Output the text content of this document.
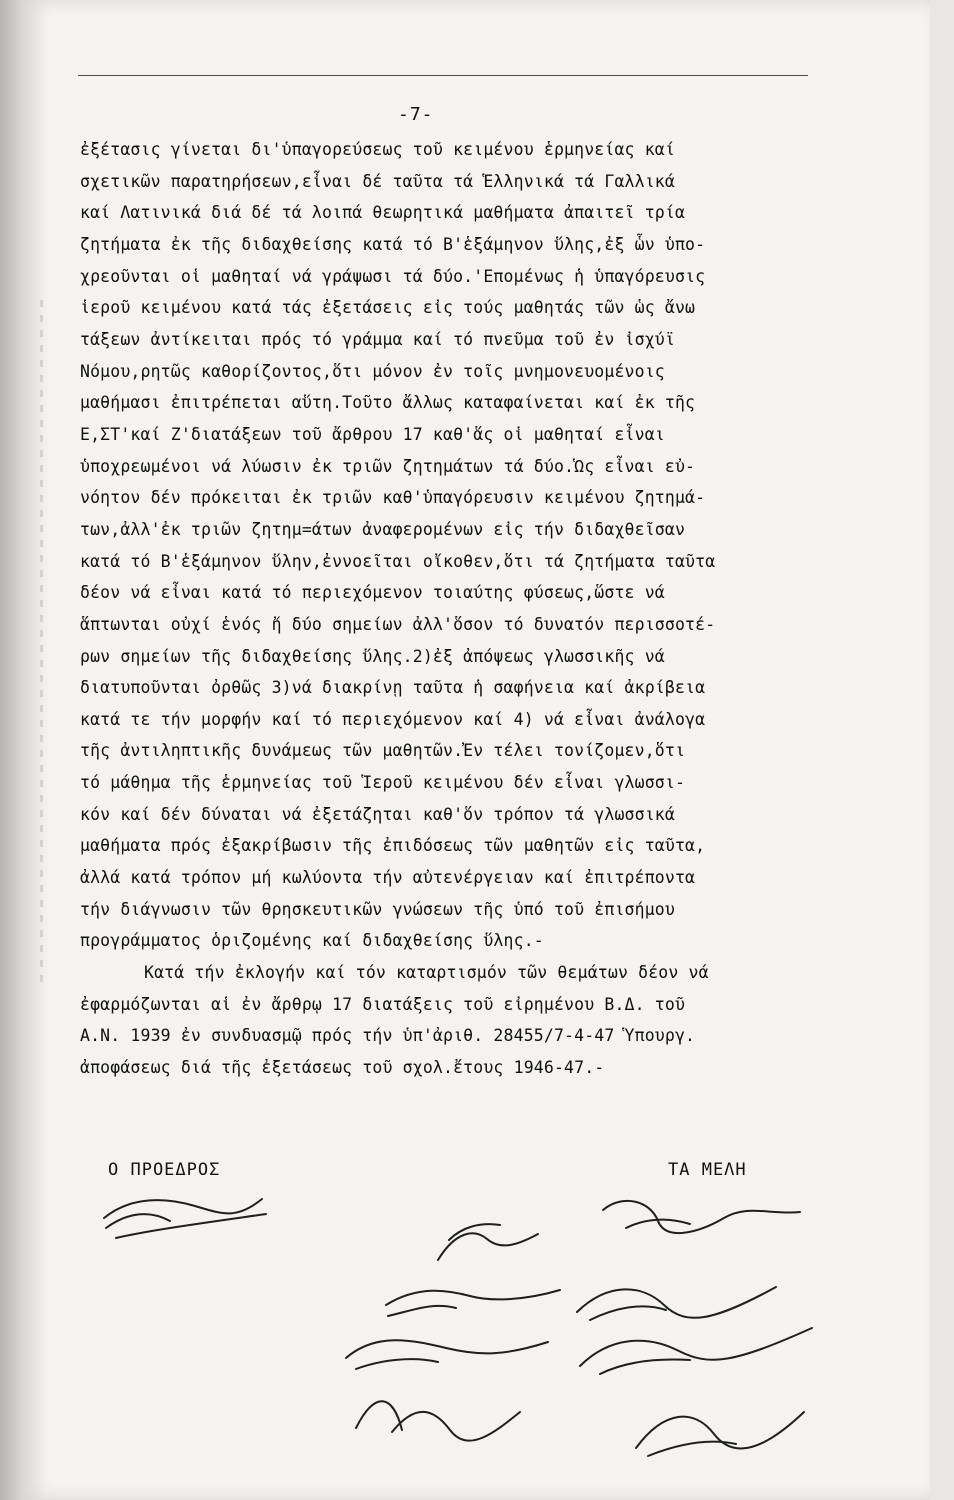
-7-
ἐξέτασις γίνεται δι'ὑπαγορεύσεως τοῦ κειμένου ἑρμηνείας καί
σχετικῶν παρατηρήσεων,εἶναι δέ ταῦτα τά Ἑλληνικά τά Γαλλικά
καί Λατινικά διά δέ τά λοιπά θεωρητικά μαθήματα ἀπαιτεῖ τρία
ζητήματα ἐκ τῆς διδαχθείσης κατά τό Β'ἑξάμηνον ὕλης,ἐξ ὧν ὑπο-
χρεοῦνται οἱ μαθηταί νά γράψωσι τά δύο.'Επομένως ἡ ὑπαγόρευσις
ἱεροῦ κειμένου κατά τάς ἐξετάσεις εἰς τούς μαθητάς τῶν ὡς ἄνω
τάξεων ἀντίκειται πρός τό γράμμα καί τό πνεῦμα τοῦ ἐν ἰσχύϊ
Νόμου,ρητῶς καθορίζοντος,ὅτι μόνον ἐν τοῖς μνημονευομένοις
μαθήμασι ἐπιτρέπεται αὕτη.Τοῦτο ἄλλως καταφαίνεται καί ἐκ τῆς
Ε,ΣΤ'καί Ζ'διατάξεων τοῦ ἄρθρου 17 καθ'ἅς οἱ μαθηταί εἶναι
ὑποχρεωμένοι νά λύωσιν ἐκ τριῶν ζητημάτων τά δύο.Ὡς εἶναι εὐ-
νόητον δέν πρόκειται ἐκ τριῶν καθ'ὑπαγόρευσιν κειμένου ζητημά-
των,ἀλλ'ἐκ τριῶν ζητημ=άτων ἀναφερομένων εἰς τήν διδαχθεῖσαν
κατά τό Β'ἑξάμηνον ὕλην,ἐννοεῖται οἴκοθεν,ὅτι τά ζητήματα ταῦτα
δέον νά εἶναι κατά τό περιεχόμενον τοιαύτης φύσεως,ὥστε νά
ἅπτωνται οὐχί ἑνός ἤ δύο σημείων ἀλλ'ὅσον τό δυνατόν περισσοτέ-
ρων σημείων τῆς διδαχθείσης ὕλης.2)ἐξ ἀπόψεως γλωσσικῆς νά
διατυποῦνται ὀρθῶς 3)νά διακρίνῃ ταῦτα ἡ σαφήνεια καί ἀκρίβεια
κατά τε τήν μορφήν καί τό περιεχόμενον καί 4) νά εἶναι ἀνάλογα
τῆς ἀντιληπτικῆς δυνάμεως τῶν μαθητῶν.Ἐν τέλει τονίζομεν,ὅτι
τό μάθημα τῆς ἑρμηνείας τοῦ Ἱεροῦ κειμένου δέν εἶναι γλωσσι-
κόν καί δέν δύναται νά ἐξετάζηται καθ'ὅν τρόπον τά γλωσσικά
μαθήματα πρός ἐξακρίβωσιν τῆς ἐπιδόσεως τῶν μαθητῶν εἰς ταῦτα,
ἀλλά κατά τρόπον μή κωλύοντα τήν αὐτενέργειαν καί ἐπιτρέποντα
τήν διάγνωσιν τῶν θρησκευτικῶν γνώσεων τῆς ὑπό τοῦ ἐπισήμου
προγράμματος ὁριζομένης καί διδαχθείσης ὕλης.-
Κατά τήν ἐκλογήν καί τόν καταρτισμόν τῶν θεμάτων δέον νά
ἐφαρμόζωνται αἱ ἐν ἄρθρῳ 17 διατάξεις τοῦ εἰρημένου Β.Δ. τοῦ
Α.Ν. 1939 ἐν συνδυασμῷ πρός τήν ὑπ'ἀριθ. 28455/7-4-47 Ὑπουργ.
ἀποφάσεως διά τῆς ἐξετάσεως τοῦ σχολ.ἔτους 1946-47.-
Ο ΠΡΟΕΔΡΟΣ	ΤΑ ΜΕΛΗ
